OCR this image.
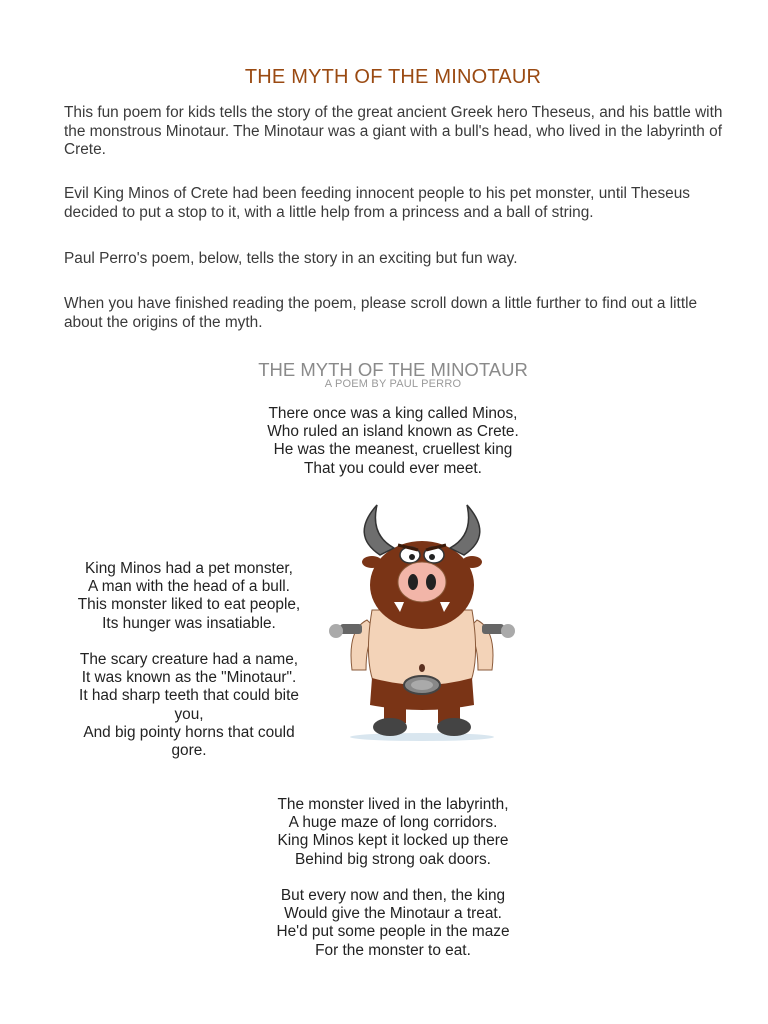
THE MYTH OF THE MINOTAUR
This fun poem for kids tells the story of the great ancient Greek hero Theseus, and his battle with the monstrous Minotaur. The Minotaur was a giant with a bull's head, who lived in the labyrinth of Crete.
Evil King Minos of Crete had been feeding innocent people to his pet monster, until Theseus decided to put a stop to it, with a little help from a princess and a ball of string.
Paul Perro's poem, below, tells the story in an exciting but fun way.
When you have finished reading the poem, please scroll down a little further to find out a little about the origins of the myth.
THE MYTH OF THE MINOTAUR
A POEM BY PAUL PERRO
There once was a king called Minos,
Who ruled an island known as Crete.
He was the meanest, cruellest king
That you could ever meet.
King Minos had a pet monster,
A man with the head of a bull.
This monster liked to eat people,
Its hunger was insatiable.
The scary creature had a name,
It was known as the "Minotaur".
It had sharp teeth that could bite you,
And big pointy horns that could gore.
The monster lived in the labyrinth,
A huge maze of long corridors.
King Minos kept it locked up there
Behind big strong oak doors.
But every now and then, the king
Would give the Minotaur a treat.
He'd put some people in the maze
For the monster to eat.
